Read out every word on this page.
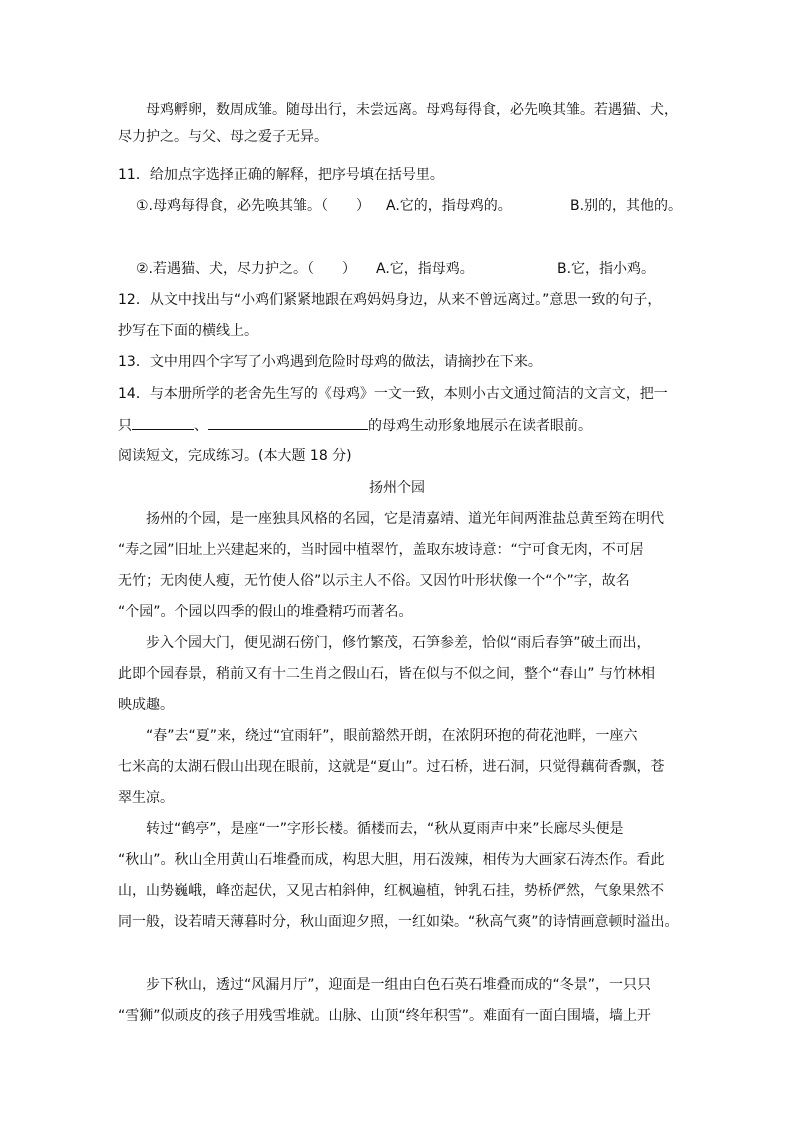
母鸡孵卵，数周成雏。随母出行，未尝远离。母鸡每得食，必先唤其雏。若遇猫、犬，
尽力护之。与父、母之爱子无异。
11．给加点字选择正确的解释，把序号填在括号里。
①.母鸡每得食，必先唤其雏。（　　） A.它的，指母鸡的。	B.别的，其他的。
②.若遇猫、犬，尽力护之。（　　） A.它，指母鸡。	B.它，指小鸡。
12．从文中找出与“小鸡们紧紧地跟在鸡妈妈身边，从来不曾远离过。”意思一致的句子，
抄写在下面的横线上。
13．文中用四个字写了小鸡遇到危险时母鸡的做法，请摘抄在下来。
14．与本册所学的老舍先生写的《母鸡》一文一致，本则小古文通过简洁的文言文，把一
只	、	的母鸡生动形象地展示在读者眼前。
阅读短文，完成练习。(本大题 18 分)
扬州个园
扬州的个园，是一座独具风格的名园，它是清嘉靖、道光年间两淮盐总黄至筠在明代
“寿之园”旧址上兴建起来的，当时园中植翠竹，盖取东坡诗意：“宁可食无肉，不可居
无竹；无肉使人瘦，无竹使人俗”以示主人不俗。又因竹叶形状像一个“个”字，故名
“个园”。个园以四季的假山的堆叠精巧而著名。
步入个园大门，便见湖石傍门，修竹繁茂，石笋参差，恰似“雨后春笋”破土而出，
此即个园春景，稍前又有十二生肖之假山石，皆在似与不似之间，整个“春山” 与竹林相
映成趣。
“春”去“夏”来，绕过“宜雨轩”，眼前豁然开朗，在浓阴环抱的荷花池畔，一座六
七米高的太湖石假山出现在眼前，这就是“夏山”。过石桥，进石洞，只觉得藕荷香飘，苍
翠生凉。
转过“鹤亭”，是座“一”字形长楼。循楼而去，“秋从夏雨声中来”长廊尽头便是
“秋山”。秋山全用黄山石堆叠而成，构思大胆，用石泼辣，相传为大画家石涛杰作。看此
山，山势巍峨，峰峦起伏，又见古柏斜伸，红枫遍植，钟乳石挂，势桥俨然，气象果然不
同一般，设若晴天薄暮时分，秋山面迎夕照，一红如染。“秋高气爽”的诗情画意顿时溢出。
步下秋山，透过“风漏月厅”，迎面是一组由白色石英石堆叠而成的“冬景”，一只只
“雪狮”似顽皮的孩子用残雪堆就。山脉、山顶“终年积雪”。难面有一面白围墙，墙上开
